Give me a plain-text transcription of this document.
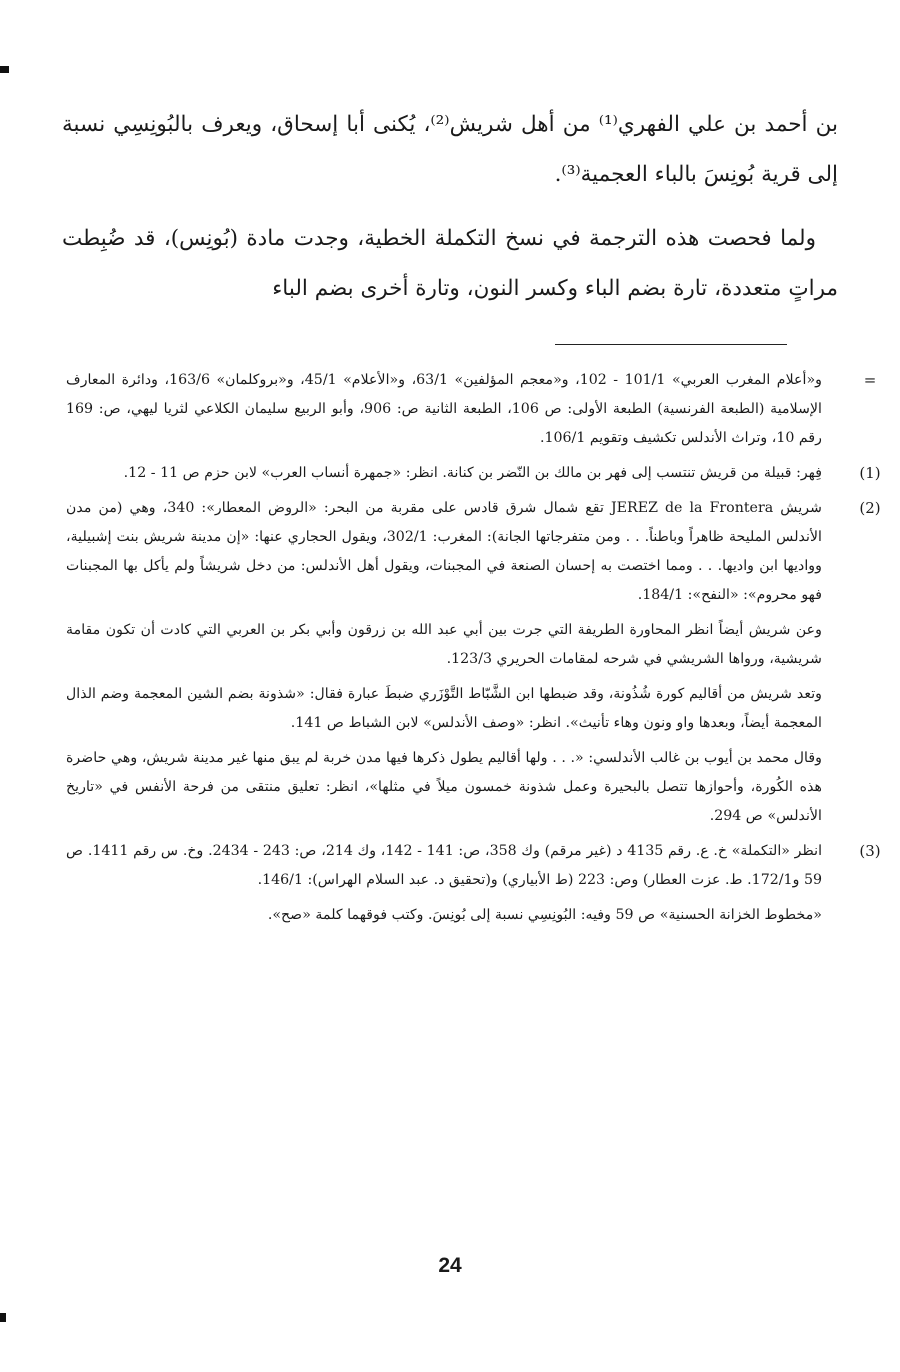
بن أحمد بن علي الفهري⁽¹⁾ من أهل شريش⁽²⁾، يُكنى أبا إسحاق، ويعرف بالبُونِسِي نسبة إلى قرية بُونِسَ بالباء العجمية⁽³⁾.

ولما فحصت هذه الترجمة في نسخ التكملة الخطية، وجدت مادة (بُونِس)، قد ضُبِطت مراتٍ متعددة، تارة بضم الباء وكسر النون، وتارة أخرى بضم الباء

=

و«أعلام المغرب العربي» 101/1 - 102، و«معجم المؤلفين» 63/1، و«الأعلام» 45/1، و«بروكلمان» 163/6، ودائرة المعارف الإسلامية (الطبعة الفرنسية) الطبعة الأولى: ص 106، الطبعة الثانية ص: 906، وأبو الربيع سليمان الكلاعي لثريا ليهي، ص: 169 رقم 10، وتراث الأندلس تكشيف وتقويم 106/1.

(1)

فِهر: قبيلة من قريش تنتسب إلى فهر بن مالك بن النّضر بن كنانة. انظر: «جمهرة أنساب العرب» لابن حزم ص 11 - 12.

(2)

شريش JEREZ de la Frontera تقع شمال شرق قادس على مقربة من البحر: «الروض المعطار»: 340، وهي (من مدن الأندلس المليحة ظاهراً وباطناً. . . ومن متفرجاتها الجانة): المغرب: 302/1، ويقول الحجاري عنها: «إن مدينة شريش بنت إشبيلية، وواديها ابن واديها. . . ومما اختصت به إحسان الصنعة في المجبنات، ويقول أهل الأندلس: من دخل شريشاً ولم يأكل بها المجبنات فهو محروم»: «النفح»: 184/1.

وعن شريش أيضاً انظر المحاورة الطريفة التي جرت بين أبي عبد الله بن زرقون وأبي بكر بن العربي التي كادت أن تكون مقامة شريشية، ورواها الشريشي في شرحه لمقامات الحريري 123/3.

وتعد شريش من أقاليم كورة شُذُونة، وقد ضبطها ابن الشَّبّاط التَّوْزَري ضبطَ عبارة فقال: «شذونة بضم الشين المعجمة وضم الذال المعجمة أيضاً، وبعدها واو ونون وهاء تأنيث». انظر: «وصف الأندلس» لابن الشباط ص 141.

وقال محمد بن أيوب بن غالب الأندلسي: «. . . ولها أقاليم يطول ذكرها فيها مدن خربة لم يبق منها غير مدينة شريش، وهي حاضرة هذه الكُورة، وأحوازها تتصل بالبحيرة وعمل شذونة خمسون ميلاً في مثلها»، انظر: تعليق منتقى من فرحة الأنفس في «تاريخ الأندلس» ص 294.

(3)

انظر «التكملة» خ. ع. رقم 4135 د (غير مرقم) وك 358، ص: 141 - 142، وك 214، ص: 243 - 2434. وخ. س رقم 1411. ص 59 و172/1. ط. عزت العطار) وص: 223 (ط الأبياري) و(تحقيق د. عبد السلام الهراس): 146/1.

«مخطوط الخزانة الحسنية» ص 59 وفيه: البُونِسِي نسبة إلى بُونِسَ. وكتب فوقهما كلمة «صح».

24
